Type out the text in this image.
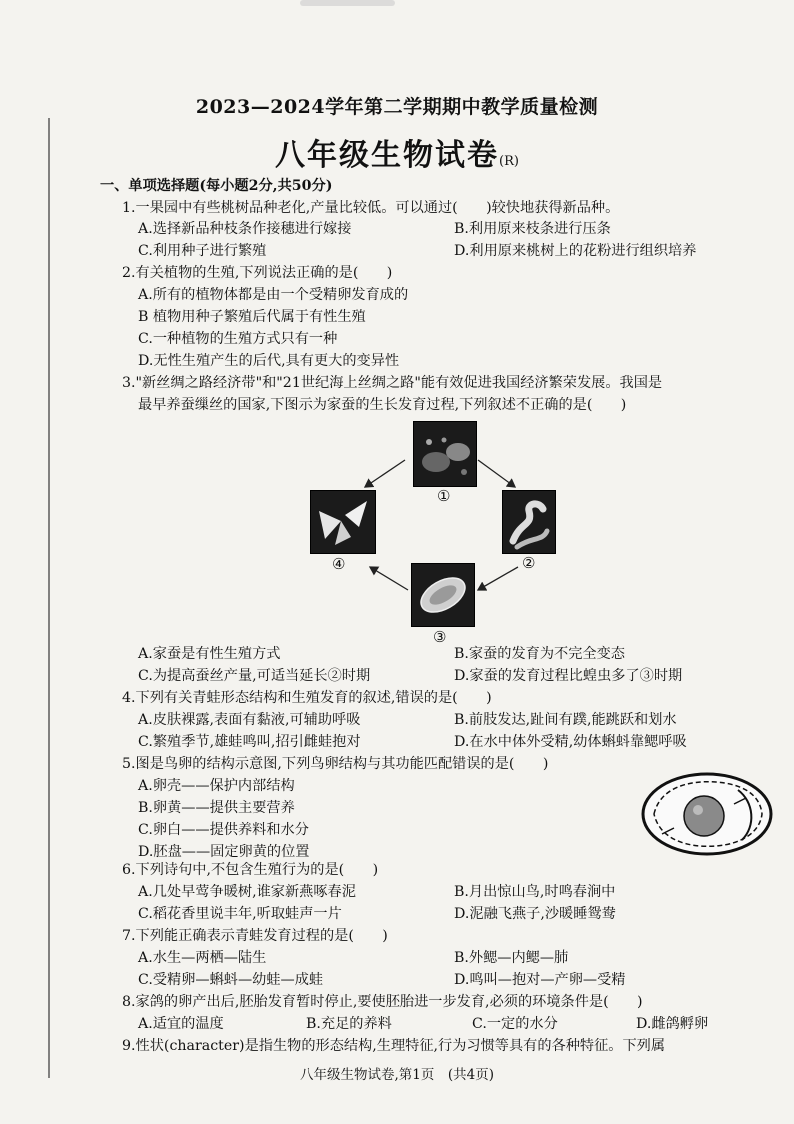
2023—2024学年第二学期期中教学质量检测
八年级生物试卷(R)
一、单项选择题(每小题2分,共50分)
1.一果园中有些桃树品种老化,产量比较低。可以通过(　　)较快地获得新品种。
A.选择新品种枝条作接穗进行嫁接	B.利用原来枝条进行压条
C.利用种子进行繁殖	D.利用原来桃树上的花粉进行组织培养
2.有关植物的生殖,下列说法正确的是(　　)
A.所有的植物体都是由一个受精卵发育成的
B 植物用种子繁殖后代属于有性生殖
C.一种植物的生殖方式只有一种
D.无性生殖产生的后代,具有更大的变异性
3."新丝绸之路经济带"和"21世纪海上丝绸之路"能有效促进我国经济繁荣发展。我国是
最早养蚕缫丝的国家,下图示为家蚕的生长发育过程,下列叙述不正确的是(　　)
①
②
③
④
A.家蚕是有性生殖方式	B.家蚕的发育为不完全变态
C.为提高蚕丝产量,可适当延长②时期	D.家蚕的发育过程比蝗虫多了③时期
4.下列有关青蛙形态结构和生殖发育的叙述,错误的是(　　)
A.皮肤裸露,表面有黏液,可辅助呼吸	B.前肢发达,趾间有蹼,能跳跃和划水
C.繁殖季节,雄蛙鸣叫,招引雌蛙抱对	D.在水中体外受精,幼体蝌蚪靠鳃呼吸
5.图是鸟卵的结构示意图,下列鸟卵结构与其功能匹配错误的是(　　)
A.卵壳——保护内部结构
B.卵黄——提供主要营养
C.卵白——提供养料和水分
D.胚盘——固定卵黄的位置
6.下列诗句中,不包含生殖行为的是(　　)
A.几处早莺争暖树,谁家新燕啄春泥	B.月出惊山鸟,时鸣春涧中
C.稻花香里说丰年,听取蛙声一片	D.泥融飞燕子,沙暖睡鸳鸯
7.下列能正确表示青蛙发育过程的是(　　)
A.水生—两栖—陆生	B.外鳃—内鳃—肺
C.受精卵—蝌蚪—幼蛙—成蛙	D.鸣叫—抱对—产卵—受精
8.家鸽的卵产出后,胚胎发育暂时停止,要使胚胎进一步发育,必须的环境条件是(　　)
A.适宜的温度	B.充足的养料	C.一定的水分	D.雌鸽孵卵
9.性状(character)是指生物的形态结构,生理特征,行为习惯等具有的各种特征。下列属
八年级生物试卷,第1页　(共4页)
